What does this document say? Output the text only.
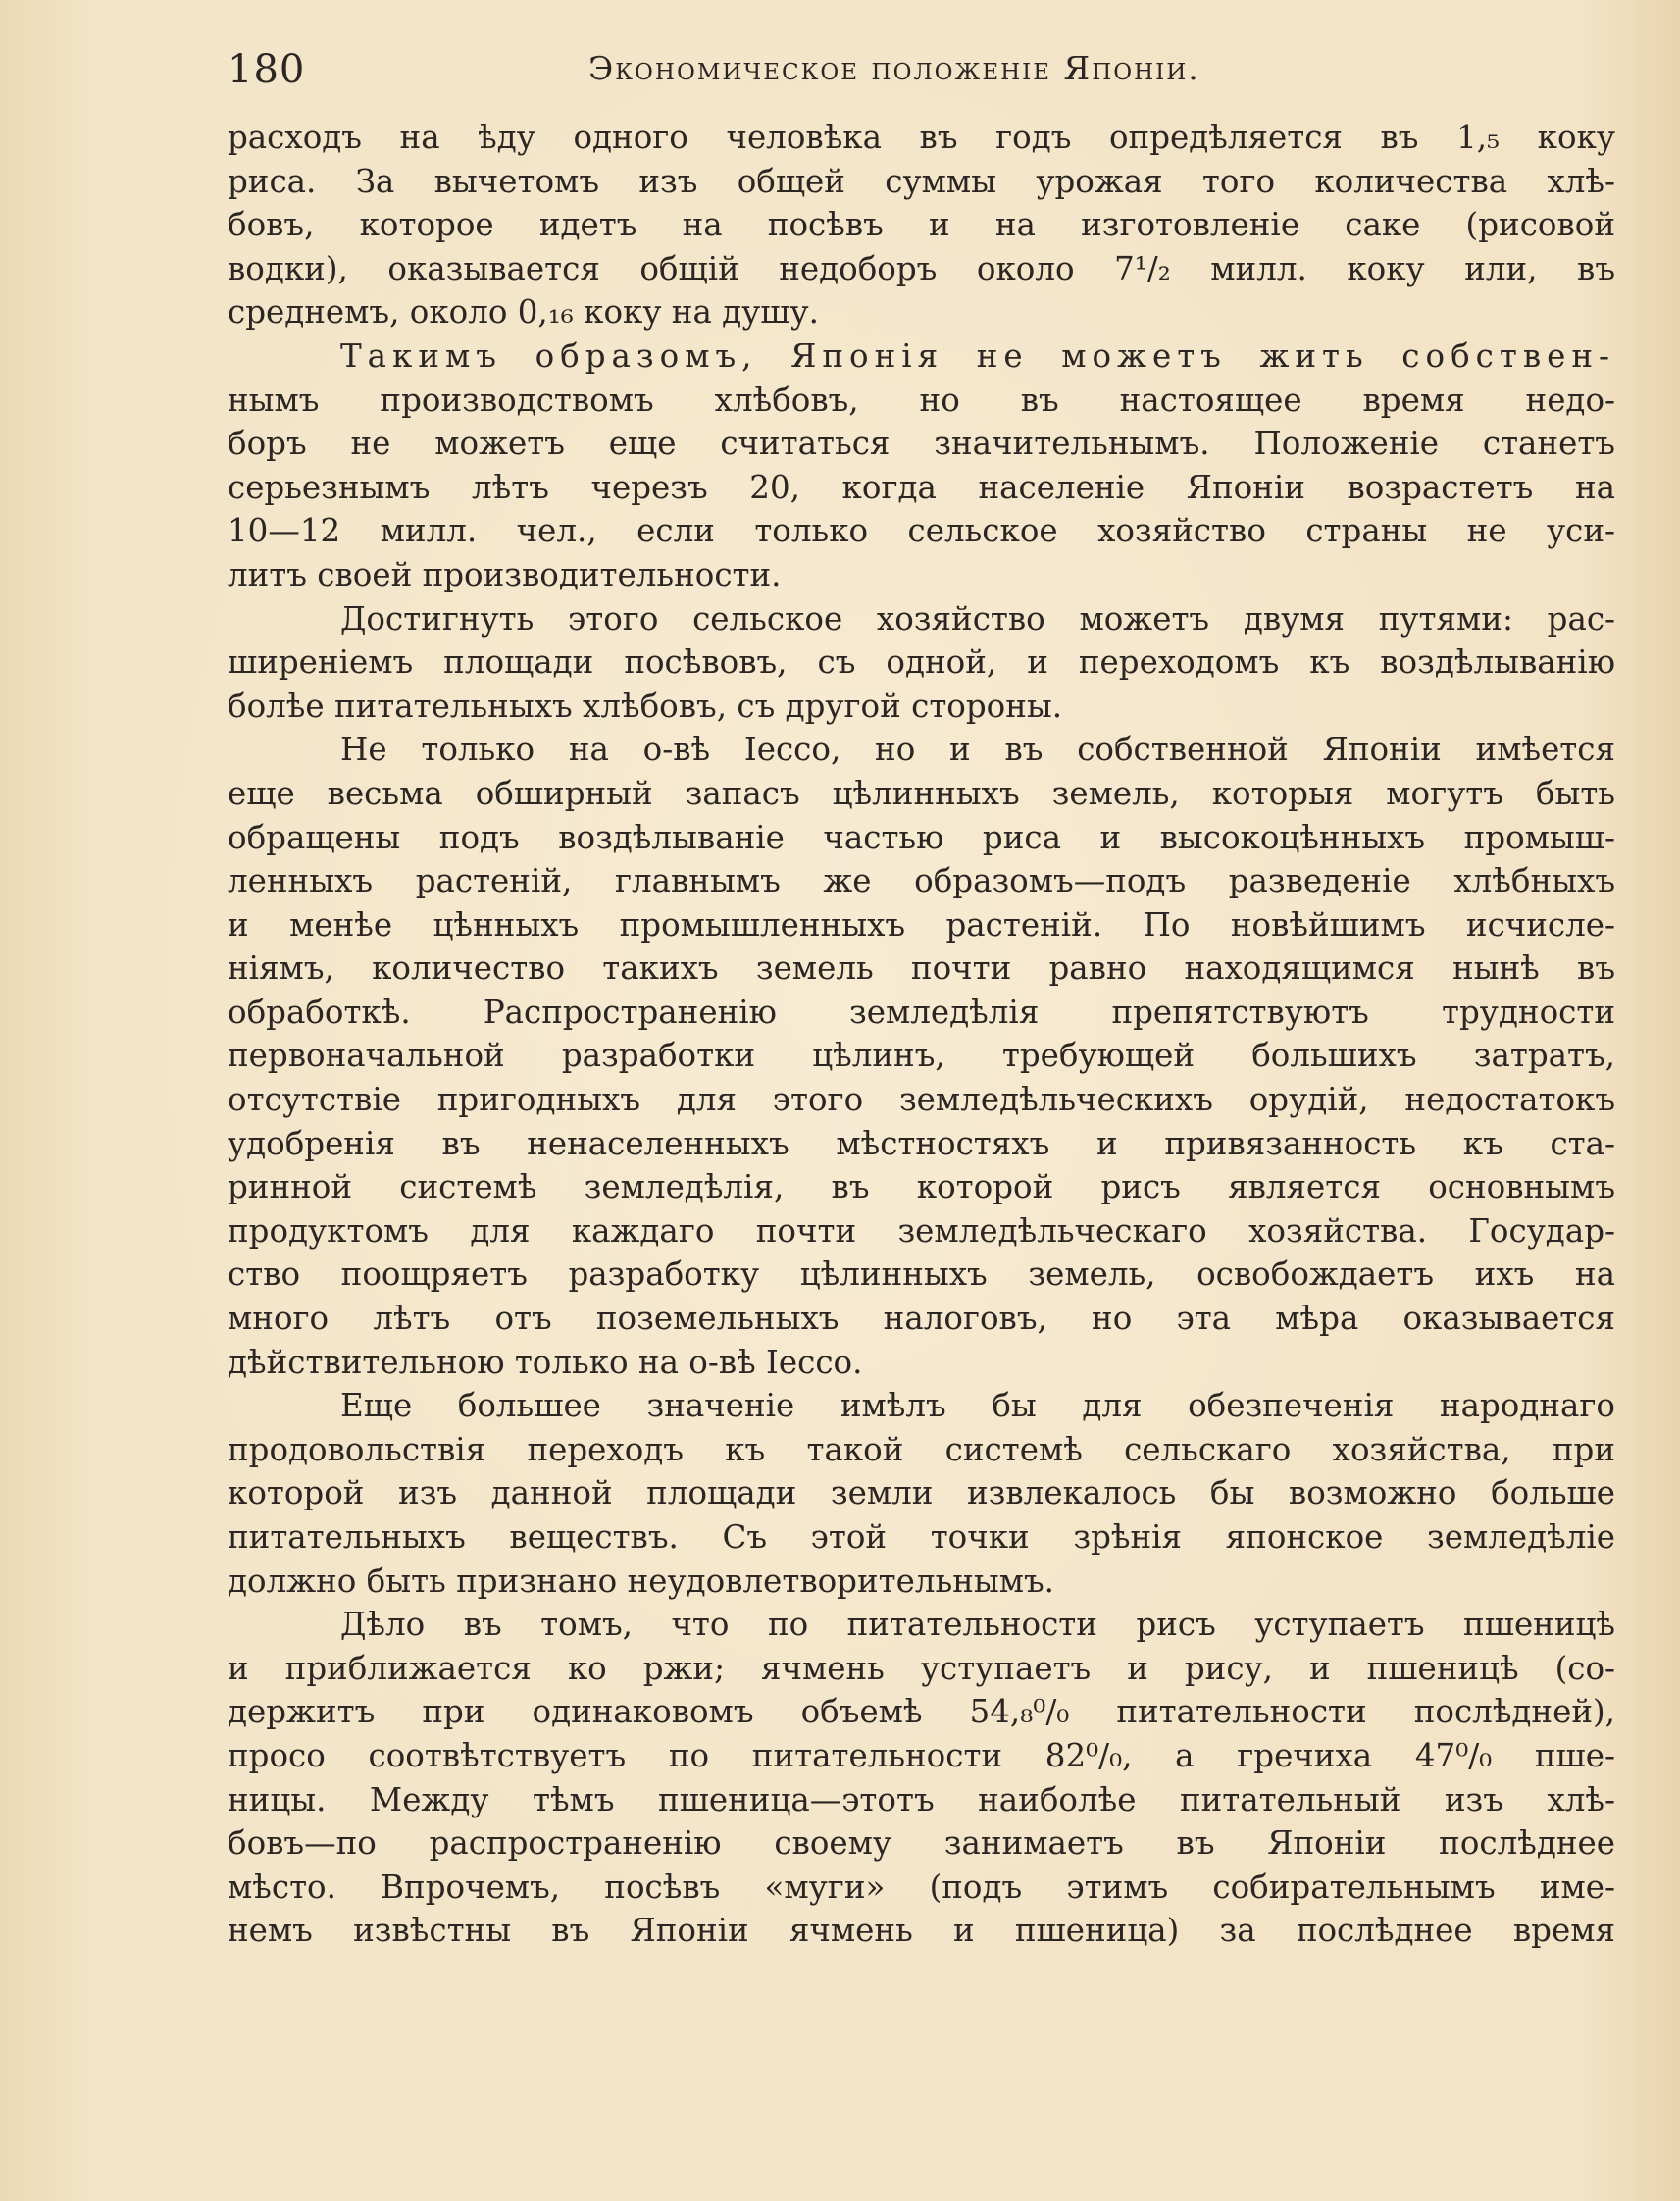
180	Экономическое положеніе Японіи.

расходъ на ѣду одного человѣка въ годъ опредѣляется въ 1,₅ коку
риса. За вычетомъ изъ общей суммы урожая того количества хлѣ-
бовъ, которое идетъ на посѣвъ и на изготовленіе саке (рисовой
водки), оказывается общій недоборъ около 7¹/₂ милл. коку или, въ
среднемъ, около 0,₁₆ коку на душу.

Такимъ образомъ, Японія не можетъ жить собствен-
нымъ производствомъ хлѣбовъ, но въ настоящее время недо-
боръ не можетъ еще считаться значительнымъ. Положеніе станетъ
серьезнымъ лѣтъ черезъ 20, когда населеніе Японіи возрастетъ на
10—12 милл. чел., если только сельское хозяйство страны не уси-
литъ своей производительности.

Достигнуть этого сельское хозяйство можетъ двумя путями: рас-
шиpеніемъ площади посѣвовъ, съ одной, и переходомъ къ воздѣлыванію
болѣе питательныхъ хлѣбовъ, съ другой стороны.

Не только на о-вѣ Іессо, но и въ собственной Японіи имѣется
еще весьма обширный запасъ цѣлинныхъ земель, которыя могутъ быть
обращены подъ воздѣлываніе частью риса и высокоцѣнныхъ промыш-
ленныхъ растеній, главнымъ же образомъ—подъ разведеніе хлѣбныхъ
и менѣе цѣнныхъ промышленныхъ растеній. По новѣйшимъ исчисле-
ніямъ, количество такихъ земель почти равно находящимся нынѣ въ
обработкѣ. Распространенію земледѣлія препятствуютъ трудности
первоначальной разработки цѣлинъ, требующей большихъ затратъ,
отсутствіе пригодныхъ для этого земледѣльческихъ орудій, недостатокъ
удобренія въ ненаселенныхъ мѣстностяхъ и привязанность къ ста-
ринной системѣ земледѣлія, въ которой рисъ является основнымъ
продуктомъ для каждаго почти земледѣльческаго хозяйства. Государ-
ство поощряетъ разработку цѣлинныхъ земель, освобождаетъ ихъ на
много лѣтъ отъ поземельныхъ налоговъ, но эта мѣра оказывается
дѣйствительною только на о-вѣ Іессо.

Еще большее значеніе имѣлъ бы для обезпеченія народнаго
продовольствія переходъ къ такой системѣ сельскаго хозяйства, при
которой изъ данной площади земли извлекалось бы возможно больше
питательныхъ веществъ. Съ этой точки зрѣнія японское земледѣліе
должно быть признано неудовлетворительнымъ.

Дѣло въ томъ, что по питательности рисъ уступаетъ пшеницѣ
и приближается ко ржи; ячмень уступаетъ и рису, и пшеницѣ (со-
держитъ при одинаковомъ объемѣ 54,₈⁰/₀ питательности послѣдней),
просо соотвѣтствуетъ по питательности 82⁰/₀, а гречиха 47⁰/₀ пше-
ницы. Между тѣмъ пшеница—этотъ наиболѣе питательный изъ хлѣ-
бовъ—по распространенію своему занимаетъ въ Японіи послѣднее
мѣсто. Впрочемъ, посѣвъ «муги» (подъ этимъ собирательнымъ име-
немъ извѣстны въ Японіи ячмень и пшеница) за послѣднее время
